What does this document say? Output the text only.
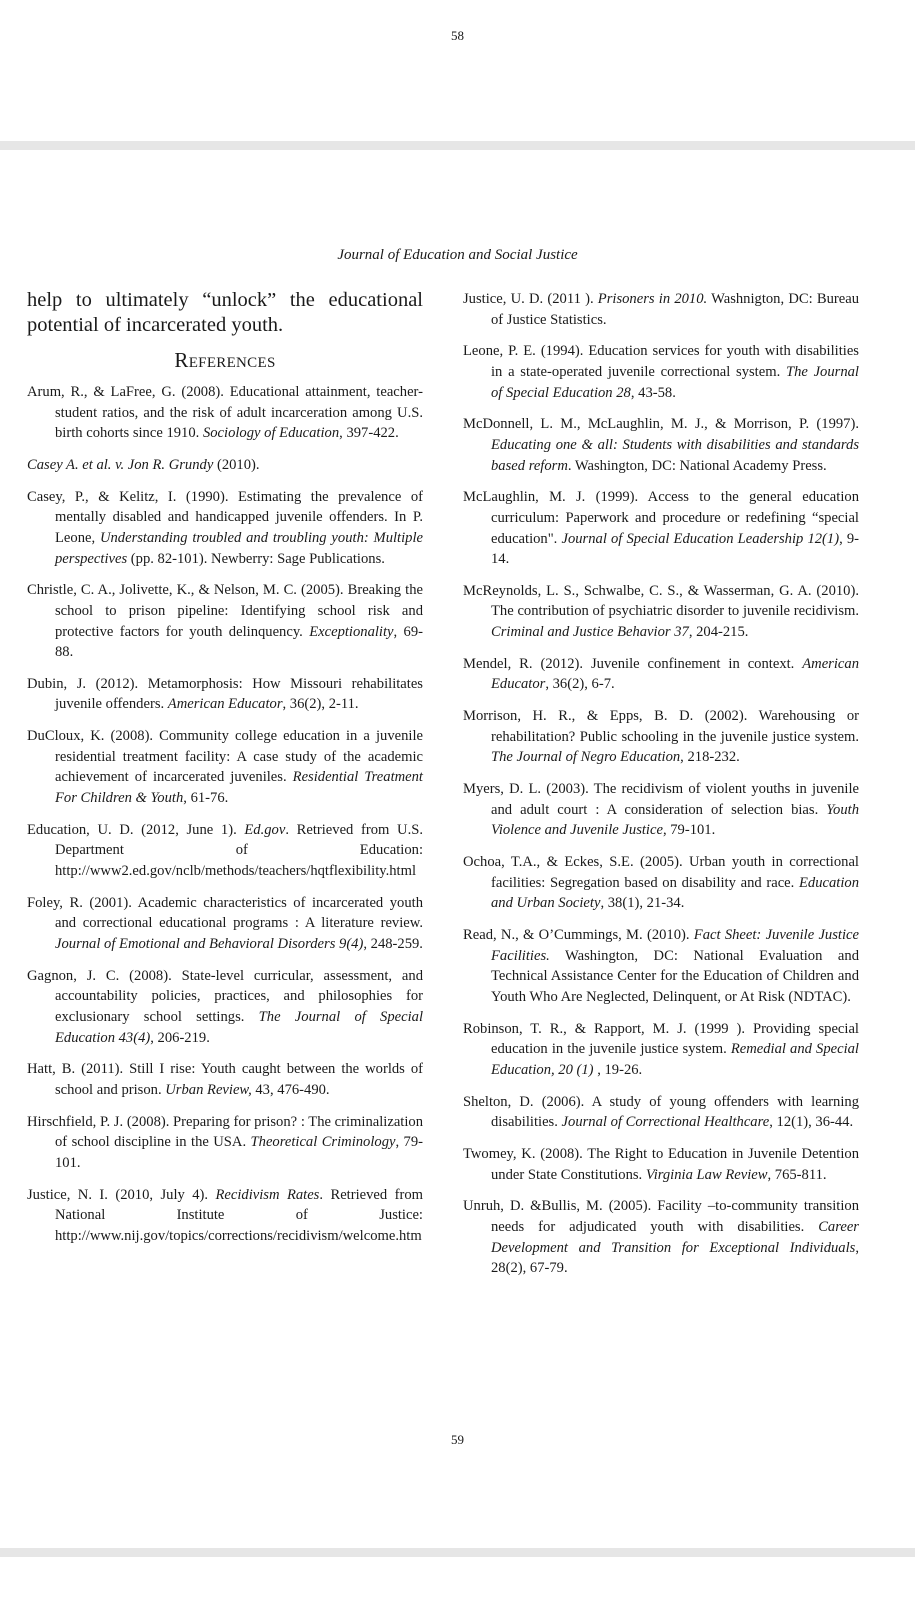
58
Journal of Education and Social Justice

help to ultimately “unlock” the educational potential of incarcerated youth.

References

Arum, R., & LaFree, G. (2008). Educational attainment, teacher-student ratios, and the risk of adult incarceration among U.S. birth cohorts since 1910. Sociology of Education, 397-422.

Casey A. et al. v. Jon R. Grundy (2010).

Casey, P., & Kelitz, I. (1990). Estimating the prevalence of mentally disabled and handicapped juvenile offenders. In P. Leone, Understanding troubled and troubling youth: Multiple perspectives (pp. 82-101). Newberry: Sage Publications.

Christle, C. A., Jolivette, K., & Nelson, M. C. (2005). Breaking the school to prison pipeline: Identifying school risk and protective factors for youth delinquency. Exceptionality, 69-88.

Dubin, J. (2012). Metamorphosis: How Missouri rehabilitates juvenile offenders. American Educator, 36(2), 2-11.

DuCloux, K. (2008). Community college education in a juvenile residential treatment facility: A case study of the academic achievement of incarcerated juveniles. Residential Treatment For Children & Youth, 61-76.

Education, U. D. (2012, June 1). Ed.gov. Retrieved from U.S. Department of Education: http://www2.ed.gov/nclb/methods/teachers/hqtflexibility.html

Foley, R. (2001). Academic characteristics of incarcerated youth and correctional educational programs : A literature review. Journal of Emotional and Behavioral Disorders 9(4), 248-259.

Gagnon, J. C. (2008). State-level curricular, assessment, and accountability policies, practices, and philosophies for exclusionary school settings. The Journal of Special Education 43(4), 206-219.

Hatt, B. (2011). Still I rise: Youth caught between the worlds of school and prison. Urban Review, 43, 476-490.

Hirschfield, P. J. (2008). Preparing for prison? : The criminalization of school discipline in the USA. Theoretical Criminology, 79-101.

Justice, N. I. (2010, July 4). Recidivism Rates. Retrieved from National Institute of Justice: http://www.nij.gov/topics/corrections/recidivism/welcome.htm

Justice, U. D. (2011 ). Prisoners in 2010. Washnigton, DC: Bureau of Justice Statistics.

Leone, P. E. (1994). Education services for youth with disabilities in a state-operated juvenile correctional system. The Journal of Special Education 28, 43-58.

McDonnell, L. M., McLaughlin, M. J., & Morrison, P. (1997). Educating one & all: Students with disabilities and standards based reform. Washington, DC: National Academy Press.

McLaughlin, M. J. (1999). Access to the general education curriculum: Paperwork and procedure or redefining “special education". Journal of Special Education Leadership 12(1), 9-14.

McReynolds, L. S., Schwalbe, C. S., & Wasserman, G. A. (2010). The contribution of psychiatric disorder to juvenile recidivism. Criminal and Justice Behavior 37, 204-215.

Mendel, R. (2012). Juvenile confinement in context. American Educator, 36(2), 6-7.

Morrison, H. R., & Epps, B. D. (2002). Warehousing or rehabilitation? Public schooling in the juvenile justice system. The Journal of Negro Education, 218-232.

Myers, D. L. (2003). The recidivism of violent youths in juvenile and adult court : A consideration of selection bias. Youth Violence and Juvenile Justice, 79-101.

Ochoa, T.A., & Eckes, S.E. (2005). Urban youth in correctional facilities: Segregation based on disability and race. Education and Urban Society, 38(1), 21-34.

Read, N., & O’Cummings, M. (2010). Fact Sheet: Juvenile Justice Facilities. Washington, DC: National Evaluation and Technical Assistance Center for the Education of Children and Youth Who Are Neglected, Delinquent, or At Risk (NDTAC).

Robinson, T. R., & Rapport, M. J. (1999 ). Providing special education in the juvenile justice system. Remedial and Special Education, 20 (1) , 19-26.

Shelton, D. (2006). A study of young offenders with learning disabilities. Journal of Correctional Healthcare, 12(1), 36-44.

Twomey, K. (2008). The Right to Education in Juvenile Detention under State Constitutions. Virginia Law Review, 765-811.

Unruh, D. &Bullis, M. (2005). Facility –to-community transition needs for adjudicated youth with disabilities. Career Development and Transition for Exceptional Individuals, 28(2), 67-79.

59
